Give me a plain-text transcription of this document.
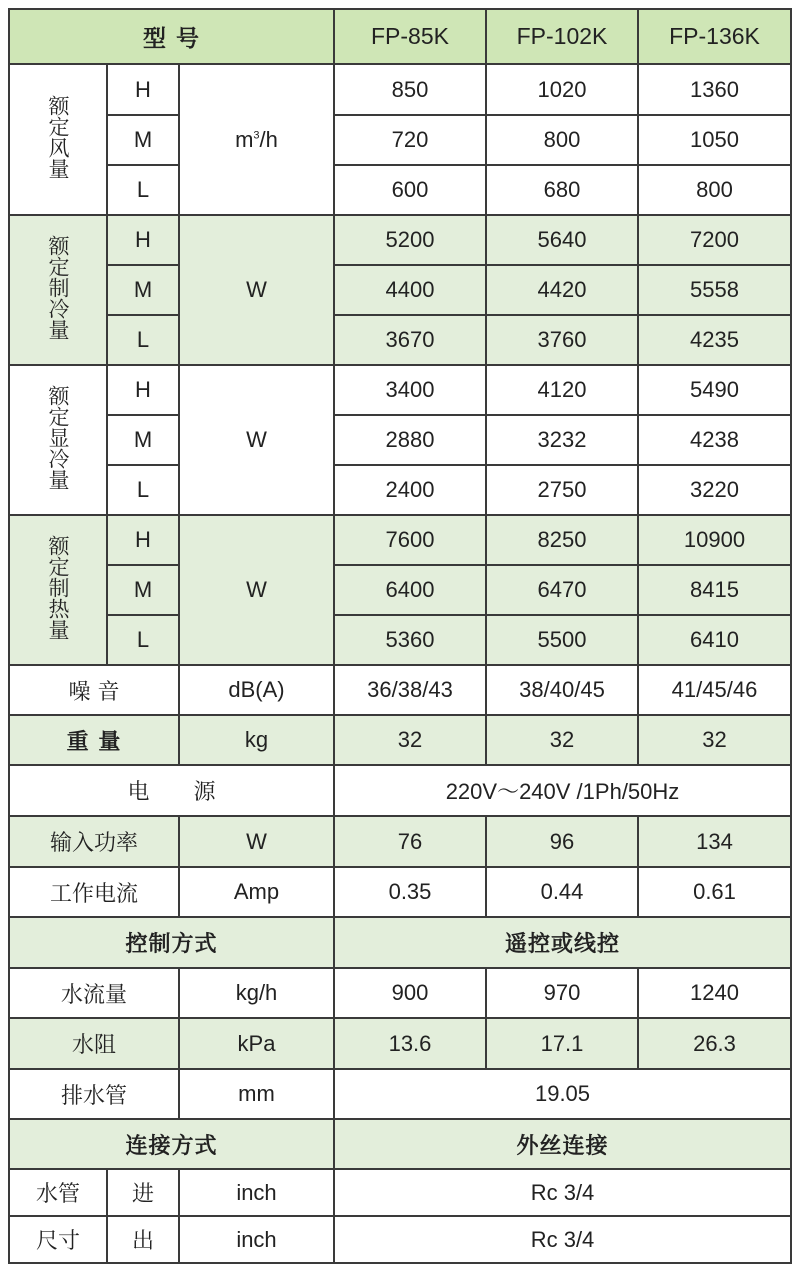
型 号			FP-85K	FP-102K	FP-136K
额定风量	H	$m^3/h$	850	1020	1360
	M		720	800	1050
	L		600	680	800
额定制冷量	H	W	5200	5640	7200
	M		4400	4420	5558
	L		3670	3760	4235
额定显冷量	H	W	3400	4120	5490
	M		2880	3232	4238
	L		2400	2750	3220
额定制热量	H	W	7600	8250	10900
	M		6400	6470	8415
	L		5360	5500	6410
噪 音		dB(A)	36/38/43	38/40/45	41/45/46
重 量		kg	32	32	32
电　　源			220V～240V /1Ph/50Hz		
输入功率		W	76	96	134
工作电流		Amp	0.35	0.44	0.61
控制方式			遥控或线控		
水流量		kg/h	900	970	1240
水阻		kPa	13.6	17.1	26.3
排水管		mm	19.05		
连接方式			外丝连接		
水管	进	inch	Rc 3/4		
尺寸	出	inch	Rc 3/4		
